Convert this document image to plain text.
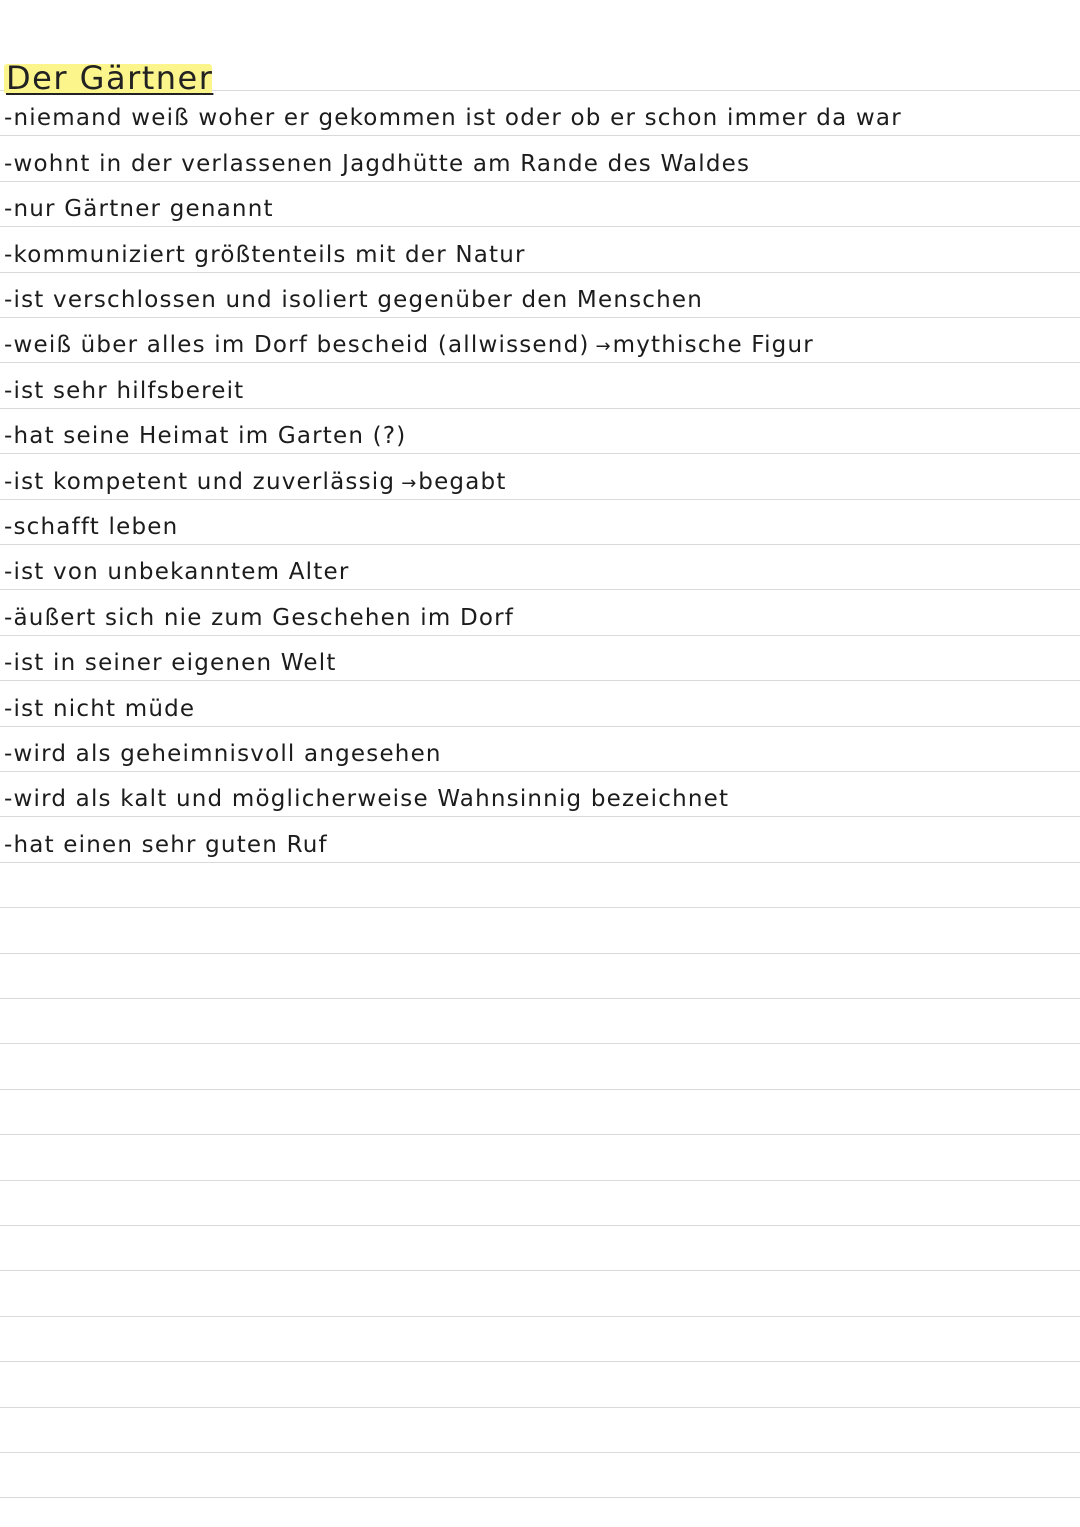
Der Gärtner
-niemand weiß woher er gekommen ist oder ob er schon immer da war
-wohnt in der verlassenen Jagdhütte am Rande des Waldes
-nur Gärtner genannt
-kommuniziert größtenteils mit der Natur
-ist verschlossen und isoliert gegenüber den Menschen
-weiß über alles im Dorf bescheid (allwissend) →mythische Figur
-ist sehr hilfsbereit
-hat seine Heimat im Garten (?)
-ist kompetent und zuverlässig →begabt
-schafft leben
-ist von unbekanntem Alter
-äußert sich nie zum Geschehen im Dorf
-ist in seiner eigenen Welt
-ist nicht müde
-wird als geheimnisvoll angesehen
-wird als kalt und möglicherweise Wahnsinnig bezeichnet
-hat einen sehr guten Ruf
